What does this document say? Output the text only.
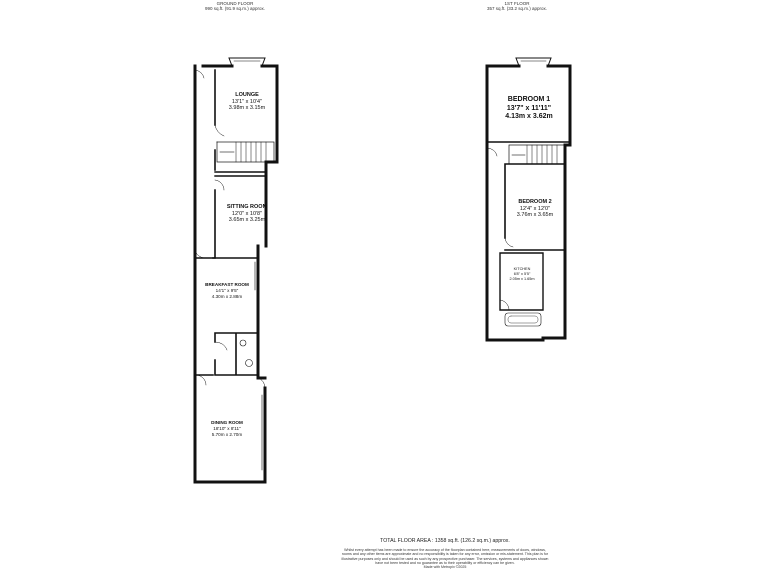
GROUND FLOOR
990 sq.ft. (91.9 sq.m.) approx.
1ST FLOOR
357 sq.ft. (33.2 sq.m.) approx.
LOUNGE
13'1" x 10'4"
3.98m x 3.15m
SITTING ROOM
12'0" x 10'8"
3.65m x 3.25m
BREAKFAST ROOM
14'1" x 9'5"
4.30m x 2.88m
DINING ROOM
18'10" x 8'11"
5.70m x 2.70m
BEDROOM 1
13'7" x 11'11"
4.13m x 3.62m
BEDROOM 2
12'4" x 12'0"
3.76m x 3.65m
KITCHEN
6'8" x 5'5"
2.05m x 1.65m
TOTAL FLOOR AREA : 1358 sq.ft. (126.2 sq.m.) approx.
Whilst every attempt has been made to ensure the accuracy of the floorplan contained here, measurements of doors, windows, rooms and any other items are approximate and no responsibility is taken for any error, omission or mis-statement. This plan is for illustrative purposes only and should be used as such by any prospective purchaser. The services, systems and appliances shown have not been tested and no guarantee as to their operability or efficiency can be given.
Made with Metropix ©2025
